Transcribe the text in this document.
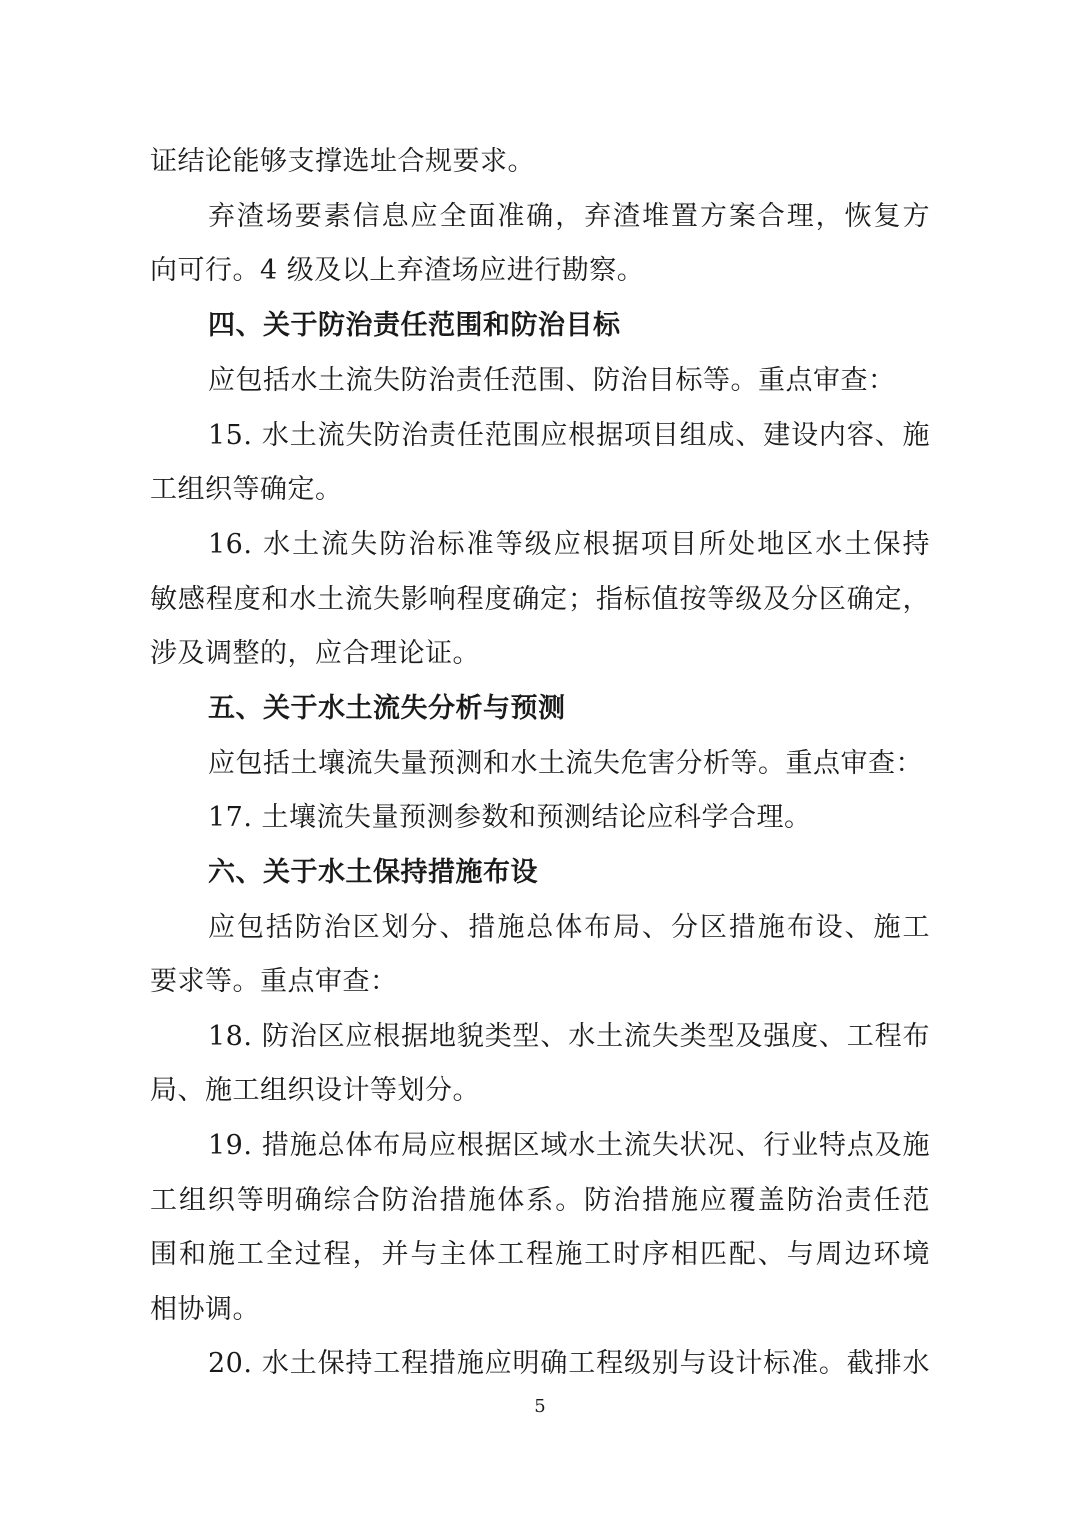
证结论能够支撑选址合规要求。
弃渣场要素信息应全面准确，弃渣堆置方案合理，恢复方
向可行。4 级及以上弃渣场应进行勘察。
四、关于防治责任范围和防治目标
应包括水土流失防治责任范围、防治目标等。重点审查：
15. 水土流失防治责任范围应根据项目组成、建设内容、施
工组织等确定。
16. 水土流失防治标准等级应根据项目所处地区水土保持
敏感程度和水土流失影响程度确定；指标值按等级及分区确定，
涉及调整的，应合理论证。
五、关于水土流失分析与预测
应包括土壤流失量预测和水土流失危害分析等。重点审查：
17. 土壤流失量预测参数和预测结论应科学合理。
六、关于水土保持措施布设
应包括防治区划分、措施总体布局、分区措施布设、施工
要求等。重点审查：
18. 防治区应根据地貌类型、水土流失类型及强度、工程布
局、施工组织设计等划分。
19. 措施总体布局应根据区域水土流失状况、行业特点及施
工组织等明确综合防治措施体系。防治措施应覆盖防治责任范
围和施工全过程，并与主体工程施工时序相匹配、与周边环境
相协调。
20. 水土保持工程措施应明确工程级别与设计标准。截排水
5
